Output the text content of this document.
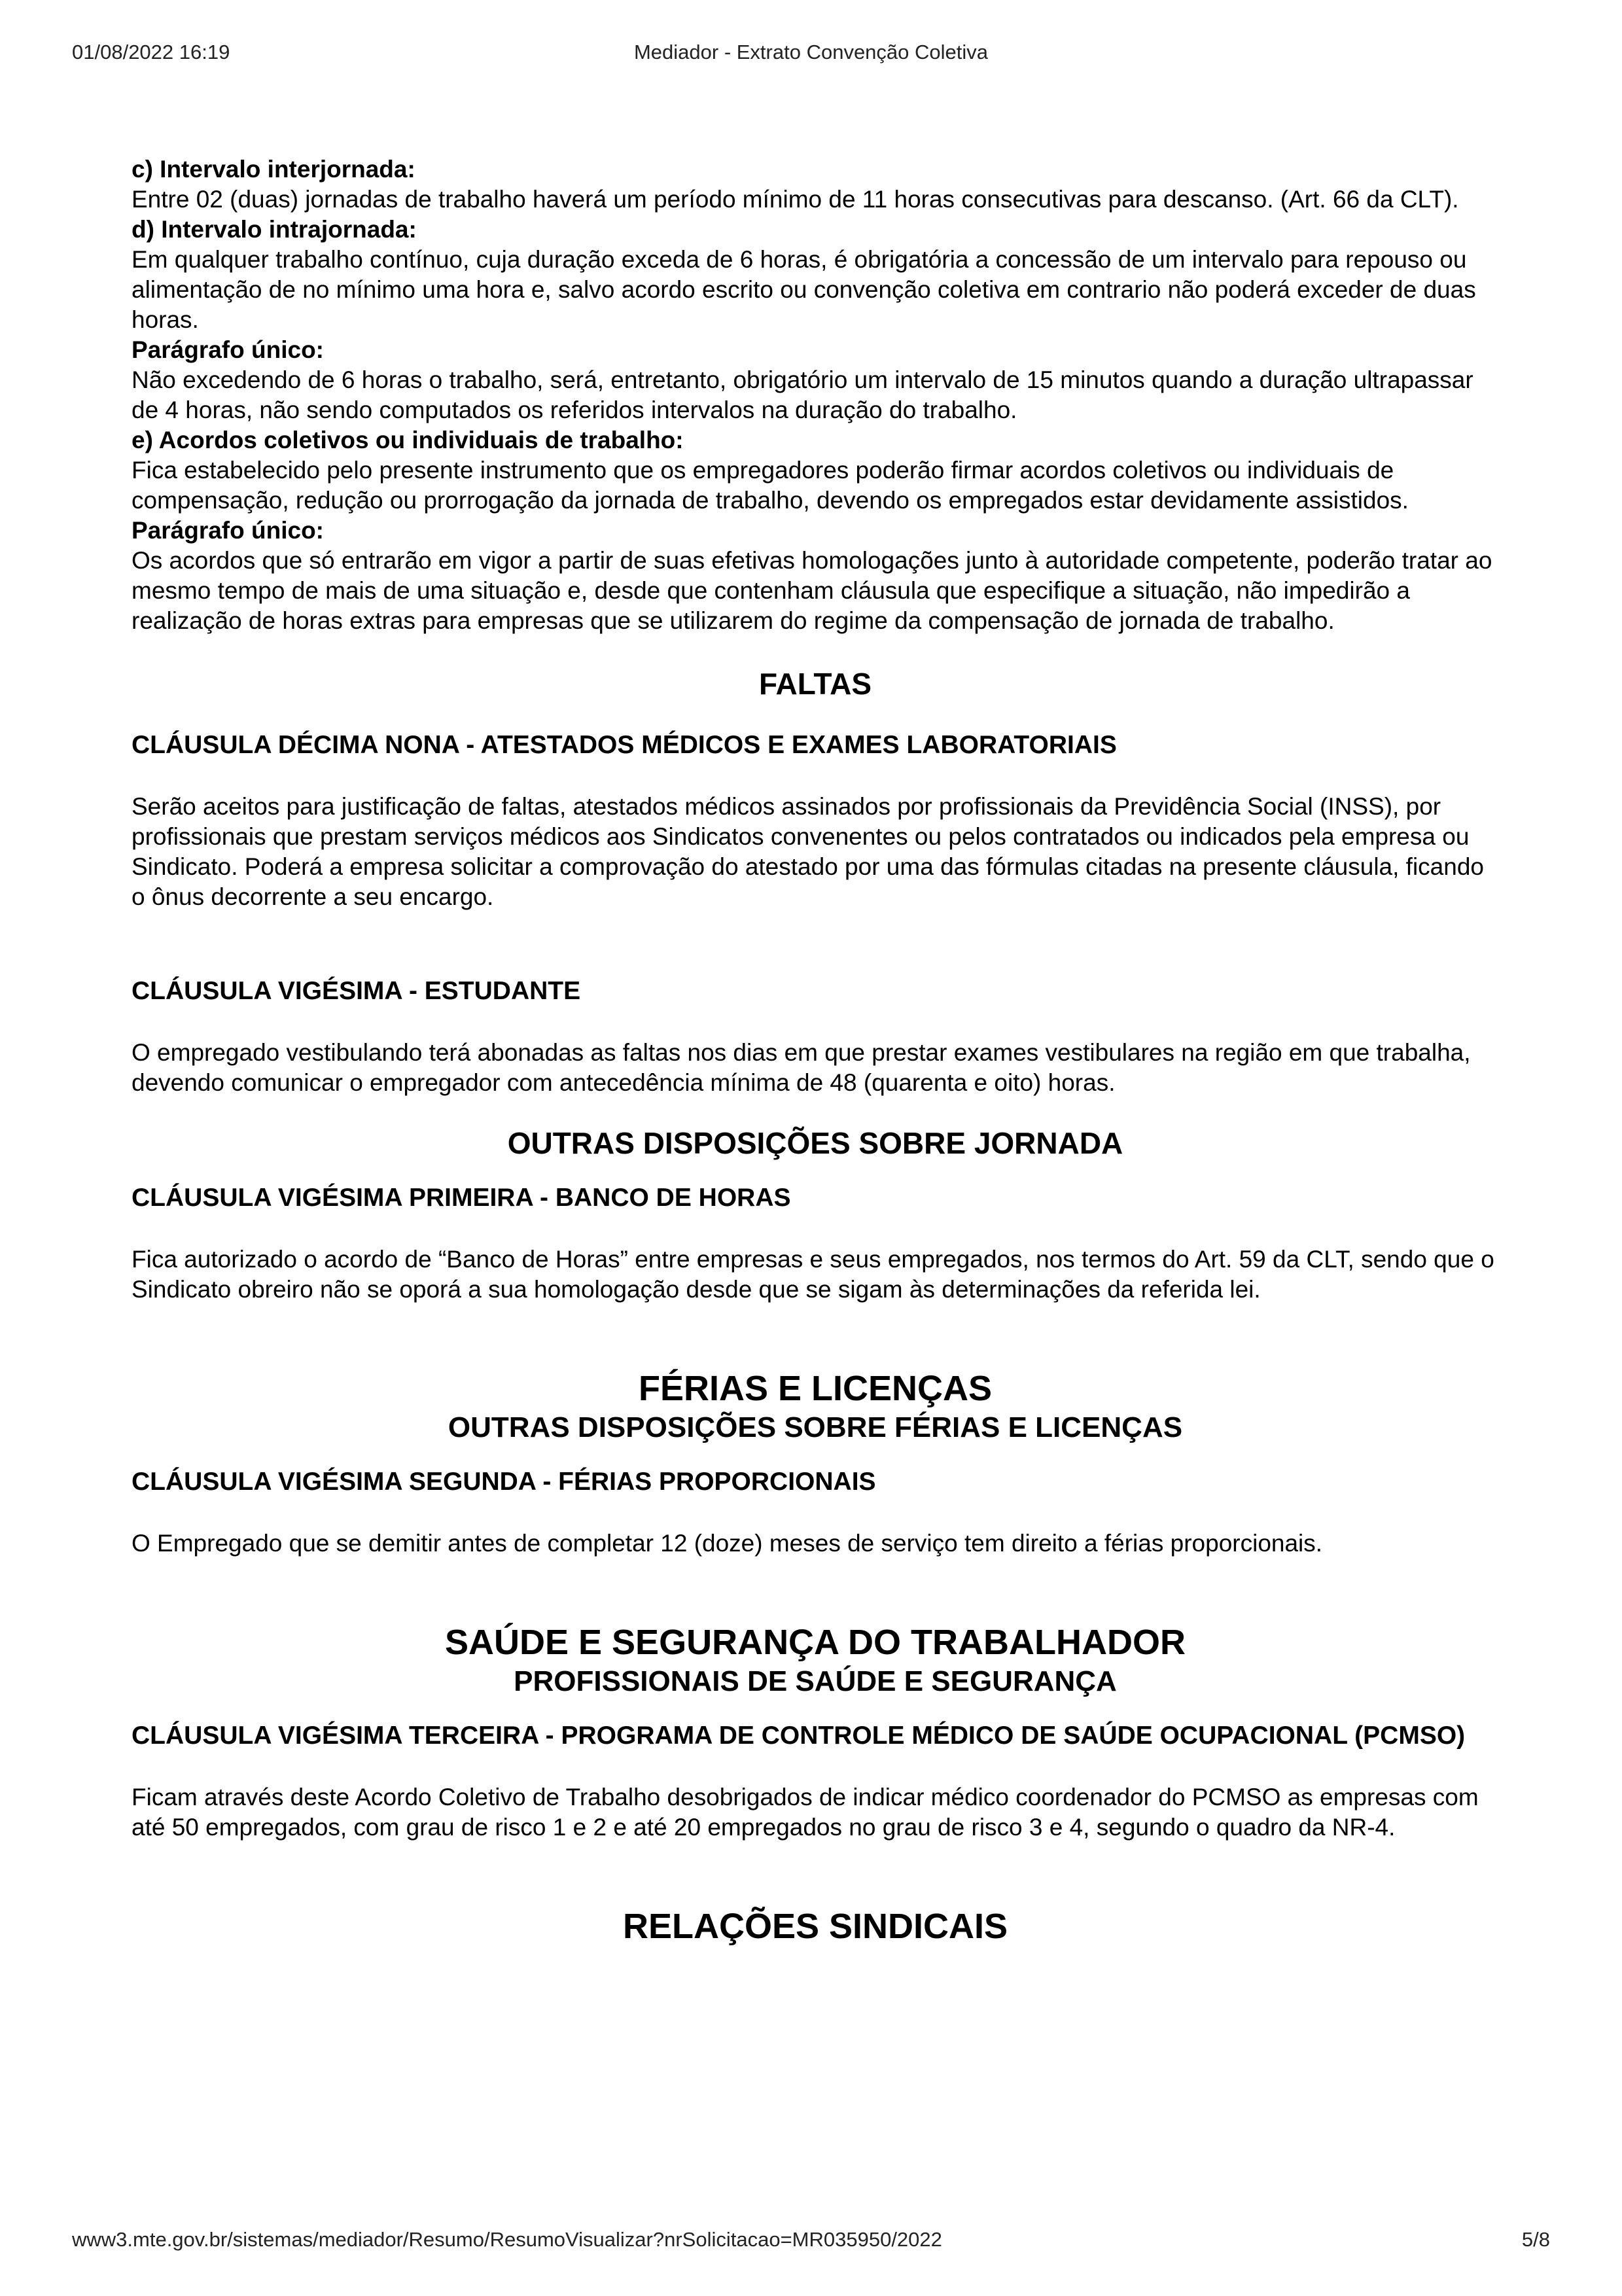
01/08/2022 16:19	Mediador - Extrato Convenção Coletiva

c) Intervalo interjornada:

Entre 02 (duas) jornadas de trabalho haverá um período mínimo de 11 horas consecutivas para descanso. (Art. 66 da CLT).

d) Intervalo intrajornada:

Em qualquer trabalho contínuo, cuja duração exceda de 6 horas, é obrigatória a concessão de um intervalo para repouso ou alimentação de no mínimo uma hora e, salvo acordo escrito ou convenção coletiva em contrario não poderá exceder de duas horas.

Parágrafo único:

Não excedendo de 6 horas o trabalho, será, entretanto, obrigatório um intervalo de 15 minutos quando a duração ultrapassar de 4 horas, não sendo computados os referidos intervalos na duração do trabalho.

e) Acordos coletivos ou individuais de trabalho:

Fica estabelecido pelo presente instrumento que os empregadores poderão firmar acordos coletivos ou individuais de compensação, redução ou prorrogação da jornada de trabalho, devendo os empregados estar devidamente assistidos.

Parágrafo único:

Os acordos que só entrarão em vigor a partir de suas efetivas homologações junto à autoridade competente, poderão tratar ao mesmo tempo de mais de uma situação e, desde que contenham cláusula que especifique a situação, não impedirão a realização de horas extras para empresas que se utilizarem do regime da compensação de jornada de trabalho.

FALTAS

CLÁUSULA DÉCIMA NONA - ATESTADOS MÉDICOS E EXAMES LABORATORIAIS

Serão aceitos para justificação de faltas, atestados médicos assinados por profissionais da Previdência Social (INSS), por profissionais que prestam serviços médicos aos Sindicatos convenentes ou pelos contratados ou indicados pela empresa ou Sindicato. Poderá a empresa solicitar a comprovação do atestado por uma das fórmulas citadas na presente cláusula, ficando o ônus decorrente a seu encargo.

CLÁUSULA VIGÉSIMA - ESTUDANTE

O empregado vestibulando terá abonadas as faltas nos dias em que prestar exames vestibulares na região em que trabalha, devendo comunicar o empregador com antecedência mínima de 48 (quarenta e oito) horas.

OUTRAS DISPOSIÇÕES SOBRE JORNADA

CLÁUSULA VIGÉSIMA PRIMEIRA - BANCO DE HORAS

Fica autorizado o acordo de “Banco de Horas” entre empresas e seus empregados, nos termos do Art. 59 da CLT, sendo que o Sindicato obreiro não se oporá a sua homologação desde que se sigam às determinações da referida lei.

FÉRIAS E LICENÇAS

OUTRAS DISPOSIÇÕES SOBRE FÉRIAS E LICENÇAS

CLÁUSULA VIGÉSIMA SEGUNDA - FÉRIAS PROPORCIONAIS

O Empregado que se demitir antes de completar 12 (doze) meses de serviço tem direito a férias proporcionais.

SAÚDE E SEGURANÇA DO TRABALHADOR

PROFISSIONAIS DE SAÚDE E SEGURANÇA

CLÁUSULA VIGÉSIMA TERCEIRA - PROGRAMA DE CONTROLE MÉDICO DE SAÚDE OCUPACIONAL (PCMSO)

Ficam através deste Acordo Coletivo de Trabalho desobrigados de indicar médico coordenador do PCMSO as empresas com até 50 empregados, com grau de risco 1 e 2 e até 20 empregados no grau de risco 3 e 4, segundo o quadro da NR-4.

RELAÇÕES SINDICAIS

www3.mte.gov.br/sistemas/mediador/Resumo/ResumoVisualizar?nrSolicitacao=MR035950/2022	5/8
